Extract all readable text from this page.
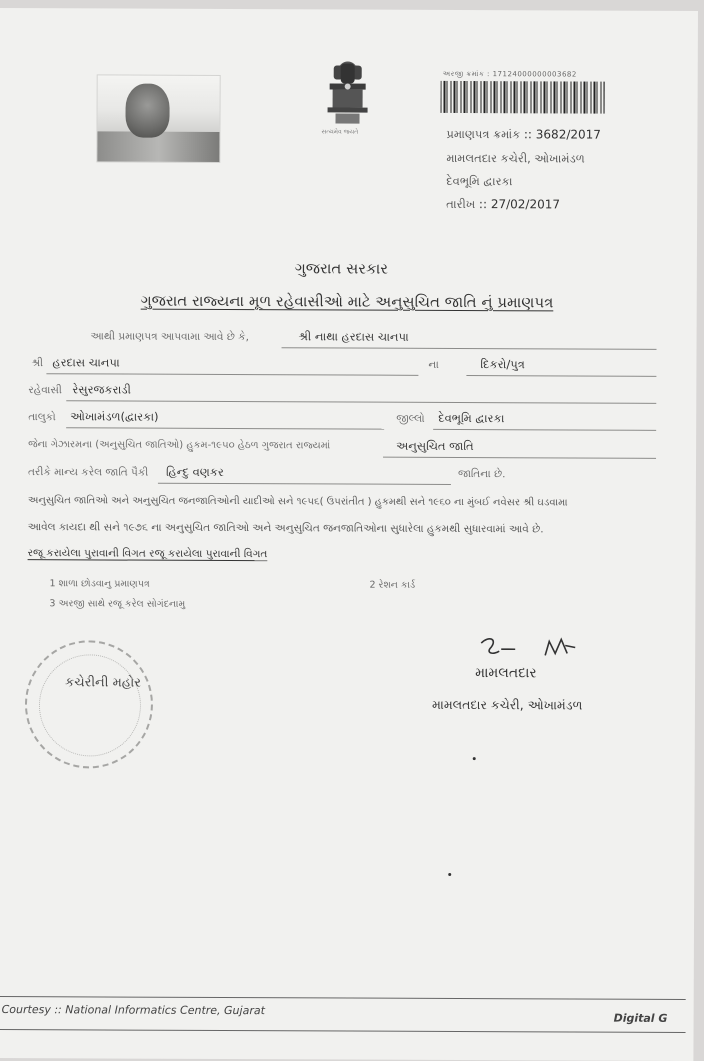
સત્યમેવ જયતે
અરજી ક્રમાંક : 17124000000003682
પ્રમાણપત્ર ક્રમાંક :: 3682/2017
મામલતદાર કચેરી, ઓખામંડળ
દેવભૂમિ દ્વારકા
તારીખ :: 27/02/2017
ગુજરાત સરકાર
ગુજરાત રાજ્યના મૂળ રહેવાસીઓ માટે અનુસુચિત જાતિ નું પ્રમાણપત્ર
આથી પ્રમાણપત્ર આપવામા આવે છે કે,	શ્રી નાથા હરદાસ ચાનપા
શ્રી હરદાસ ચાનપા	ના	દિકરો/પુત્ર
રહેવાસી રેસુરજકરાડી
તાલુકો ઓખામંડળ(દ્વારકા)	જીલ્લો દેવભૂમિ દ્વારકા
જેના ગેઝારમના (અનુસુચિત જાતિઓ) હુકમ-૧૯૫૦ હેઠળ ગુજરાત રાજ્યમાં	અનુસુચિત જાતિ
તરીકે માન્ય કરેલ જાતિ પૈકી હિન્દુ વણકર	જાતિના છે.
અનુસુચિત જાતિઓ અને અનુસુચિત જનજાતિઓની યાદીઓ સને ૧૯૫૬( ઉપરાંતીત ) હુકમથી સને ૧૯૬૦ ના મુંબઈ નવેસર શ્રી ઘડવામા
આવેલ કાયદા થી સને ૧૯૭૬ ના અનુસુચિત જાતિઓ અને અનુસુચિત જનજાતિઓના સુધારેલા હુકમથી સુધારવામાં આવે છે.
રજૂ કરાયેલા પુરાવાની વિગત રજૂ કરાયેલા પુરાવાની વિગત
1 શાળા છોડવાનુ પ્રમાણપત્ર	2 રેશન કાર્ડ
3 અરજી સાથે રજૂ કરેલ સોગંદનામુ
કચેરીની મહોર
મામલતદાર
મામલતદાર કચેરી, ઓખામંડળ
Courtesy :: National Informatics Centre, Gujarat
Digital G
